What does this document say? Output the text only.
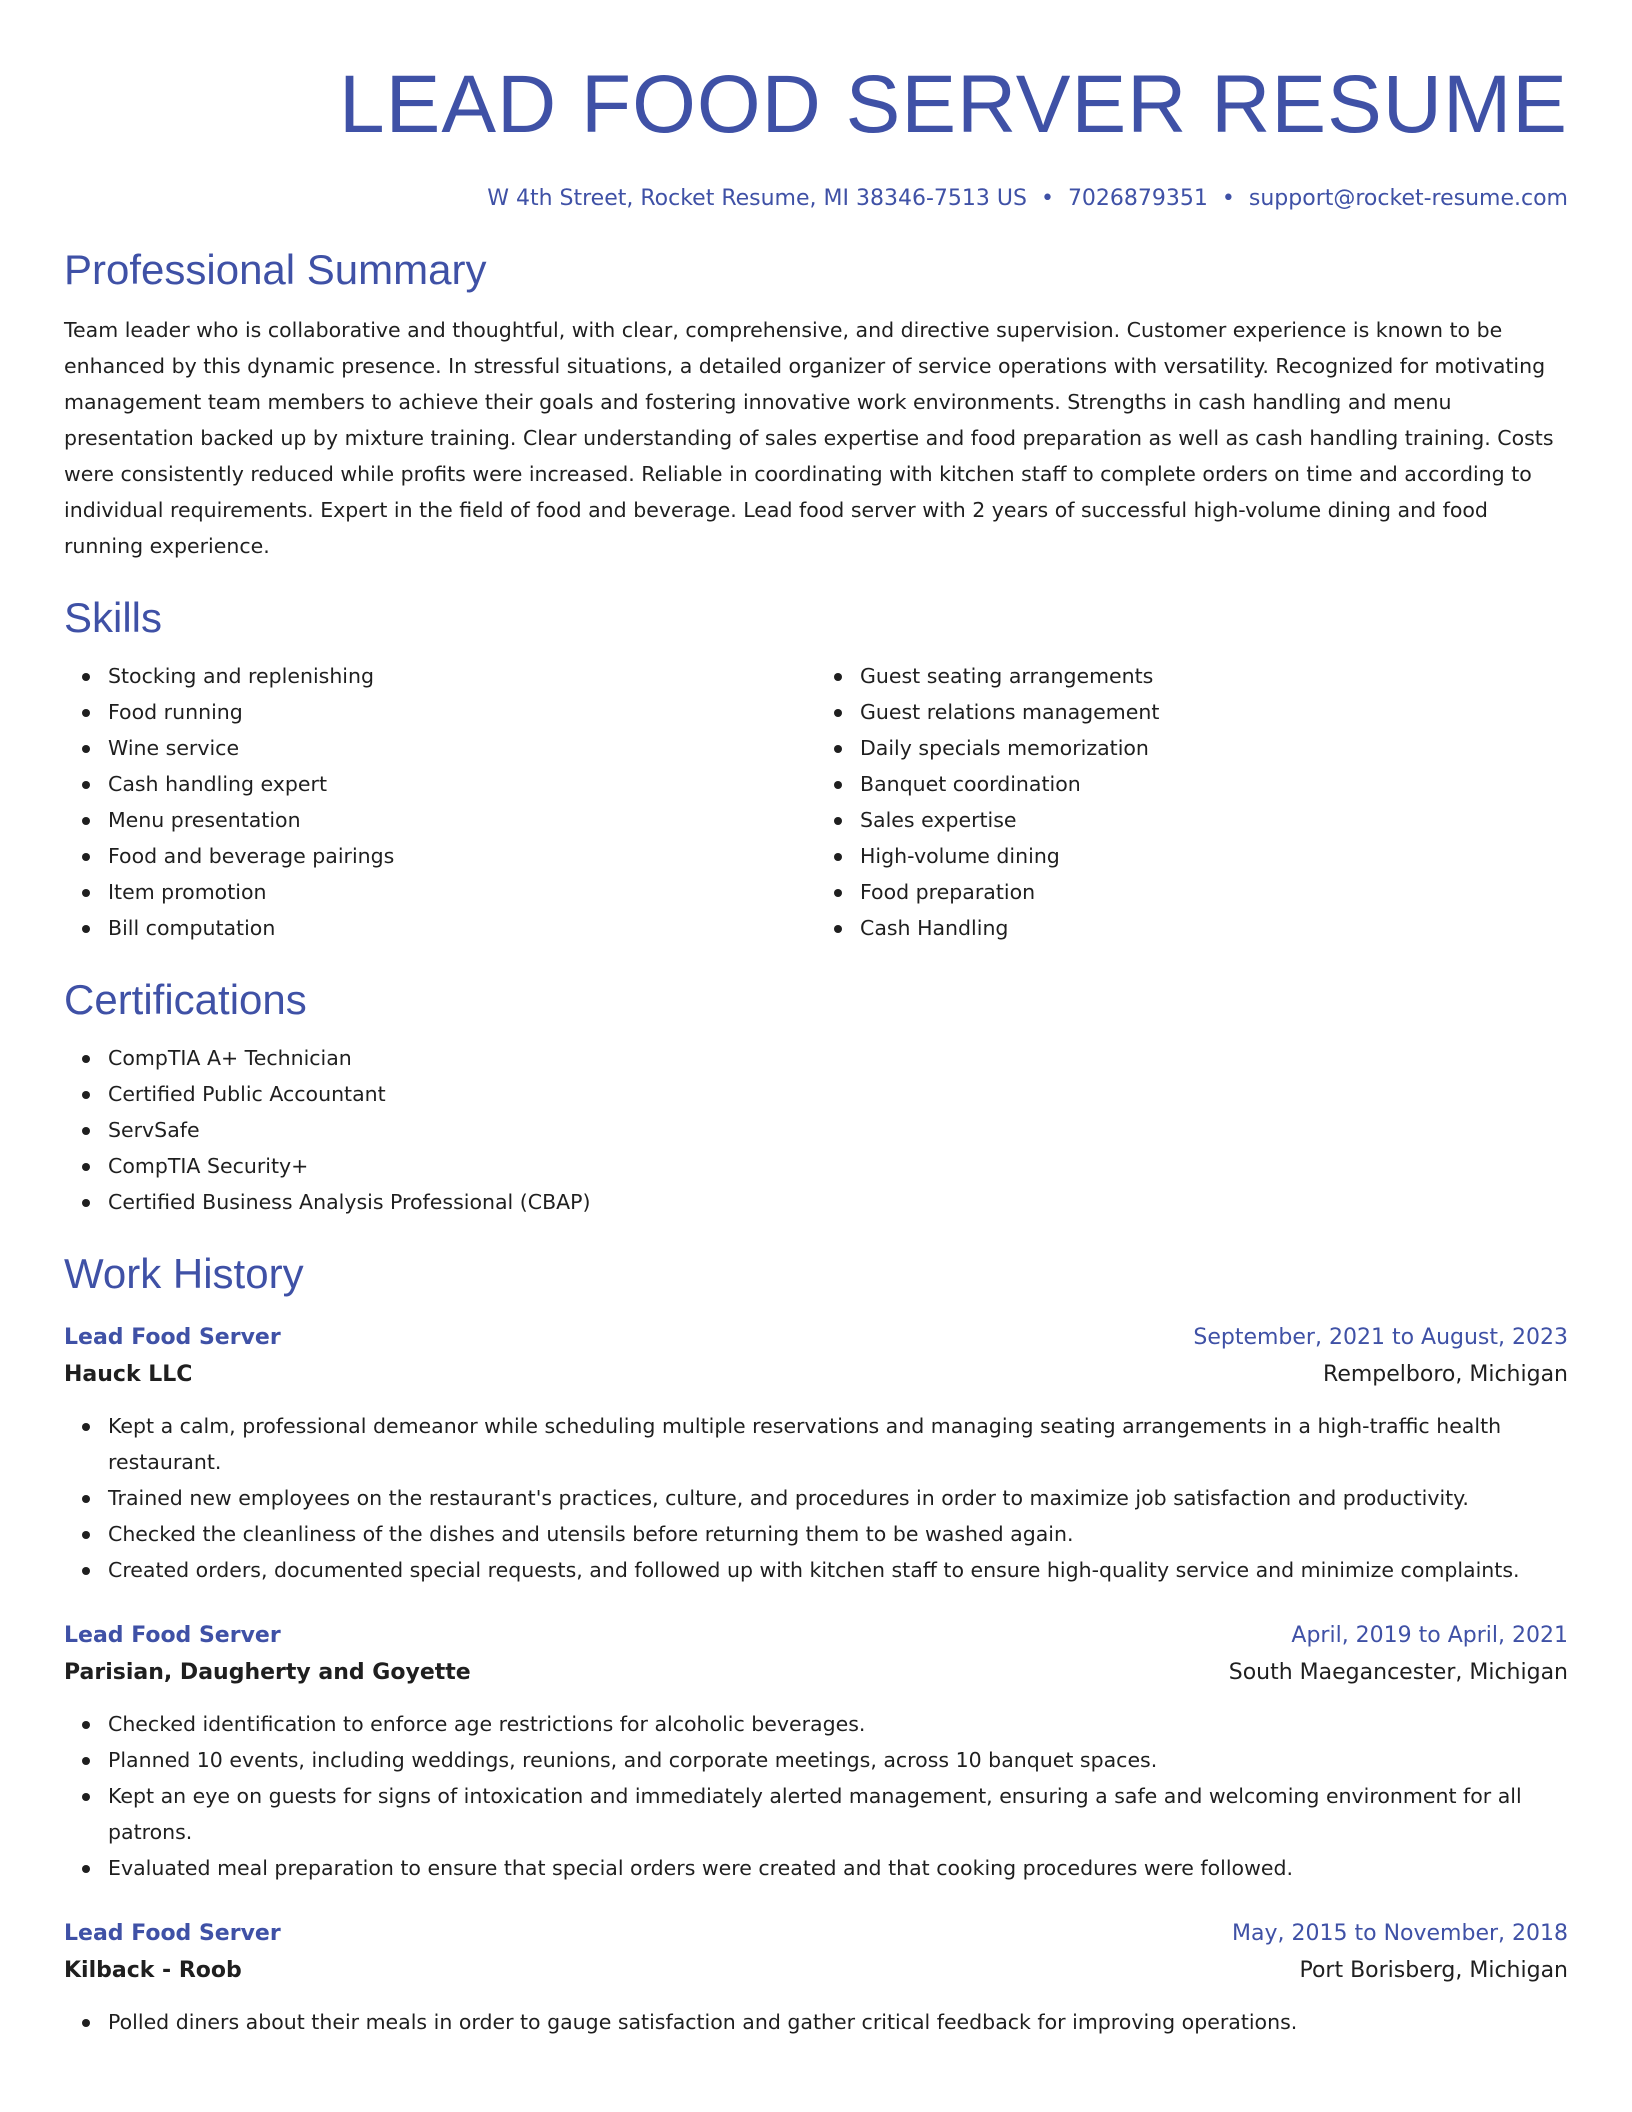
LEAD FOOD SERVER RESUME
W 4th Street, Rocket Resume, MI 38346-7513 US • 7026879351 • support@rocket-resume.com
Professional Summary

Team leader who is collaborative and thoughtful, with clear, comprehensive, and directive supervision. Customer experience is known to be enhanced by this dynamic presence. In stressful situations, a detailed organizer of service operations with versatility. Recognized for motivating management team members to achieve their goals and fostering innovative work environments. Strengths in cash handling and menu presentation backed up by mixture training. Clear understanding of sales expertise and food preparation as well as cash handling training. Costs were consistently reduced while profits were increased. Reliable in coordinating with kitchen staff to complete orders on time and according to individual requirements. Expert in the field of food and beverage. Lead food server with 2 years of successful high-volume dining and food running experience.

Skills
Stocking and replenishing
Food running
Wine service
Cash handling expert
Menu presentation
Food and beverage pairings
Item promotion
Bill computation
Guest seating arrangements
Guest relations management
Daily specials memorization
Banquet coordination
Sales expertise
High-volume dining
Food preparation
Cash Handling
Certifications
CompTIA A+ Technician
Certified Public Accountant
ServSafe
CompTIA Security+
Certified Business Analysis Professional (CBAP)
Work History
Lead Food Server	September, 2021 to August, 2023
Hauck LLC	Rempelboro, Michigan
Kept a calm, professional demeanor while scheduling multiple reservations and managing seating arrangements in a high-traffic health restaurant.
Trained new employees on the restaurant's practices, culture, and procedures in order to maximize job satisfaction and productivity.
Checked the cleanliness of the dishes and utensils before returning them to be washed again.
Created orders, documented special requests, and followed up with kitchen staff to ensure high-quality service and minimize complaints.
Lead Food Server	April, 2019 to April, 2021
Parisian, Daugherty and Goyette	South Maegancester, Michigan
Checked identification to enforce age restrictions for alcoholic beverages.
Planned 10 events, including weddings, reunions, and corporate meetings, across 10 banquet spaces.
Kept an eye on guests for signs of intoxication and immediately alerted management, ensuring a safe and welcoming environment for all patrons.
Evaluated meal preparation to ensure that special orders were created and that cooking procedures were followed.
Lead Food Server	May, 2015 to November, 2018
Kilback - Roob	Port Borisberg, Michigan
Polled diners about their meals in order to gauge satisfaction and gather critical feedback for improving operations.
